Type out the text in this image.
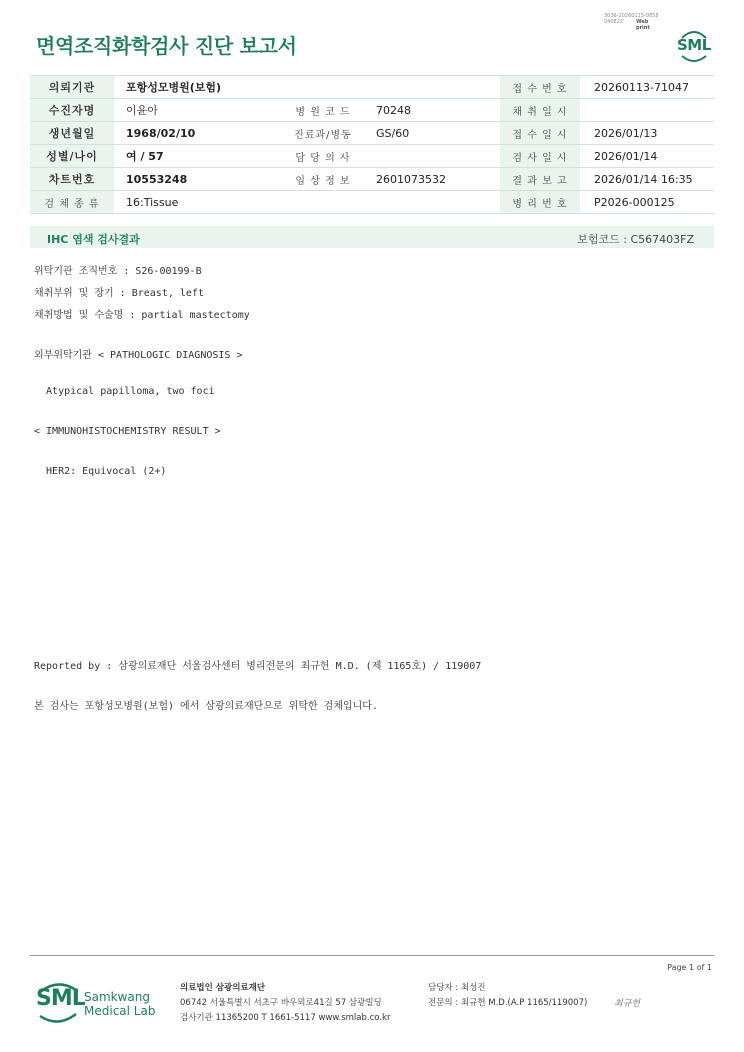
3036-20260115-0858
040822	Web print
면역조직화학검사 진단 보고서	SML
의뢰기관	포항성모병원(보험)			접 수 번 호	20260113-71047
수진자명	이윤아	병 원 코 드	70248	채 취 일 시	
생년월일	1968/02/10	진료과/병동	GS/60	접 수 일 시	2026/01/13
성별/나이	여 / 57	담 당 의 사		검 사 일 시	2026/01/14
차트번호	10553248	임 상 정 보	2601073532	결 과 보 고	2026/01/14 16:35
검 체 종 류	16:Tissue			병 리 번 호	P2026-000125
IHC 염색 검사결과	보험코드 : C567403FZ
위탁기관 조직번호 : S26-00199-B
채취부위 및 장기 : Breast, left
채취방법 및 수술명 : partial mastectomy
외부위탁기관 < PATHOLOGIC DIAGNOSIS >
Atypical papilloma, two foci
< IMMUNOHISTOCHEMISTRY RESULT >
HER2: Equivocal (2+)
Reported by : 삼광의료재단 서울검사센터 병리전문의 최규헌 M.D. (제 1165호) / 119007
본 검사는 포항성모병원(보험) 에서 삼광의료재단으로 위탁한 검체입니다.
Page 1 of 1
SML Samkwang
Medical Lab
의료법인 삼광의료재단
06742 서울특별시 서초구 바우뫼로41길 57 삼광빌딩
검사기관 11365200 T 1661-5117 www.smlab.co.kr
담당자 : 최성진
전문의 : 최규헌 M.D.(A.P 1165/119007)	최규헌
